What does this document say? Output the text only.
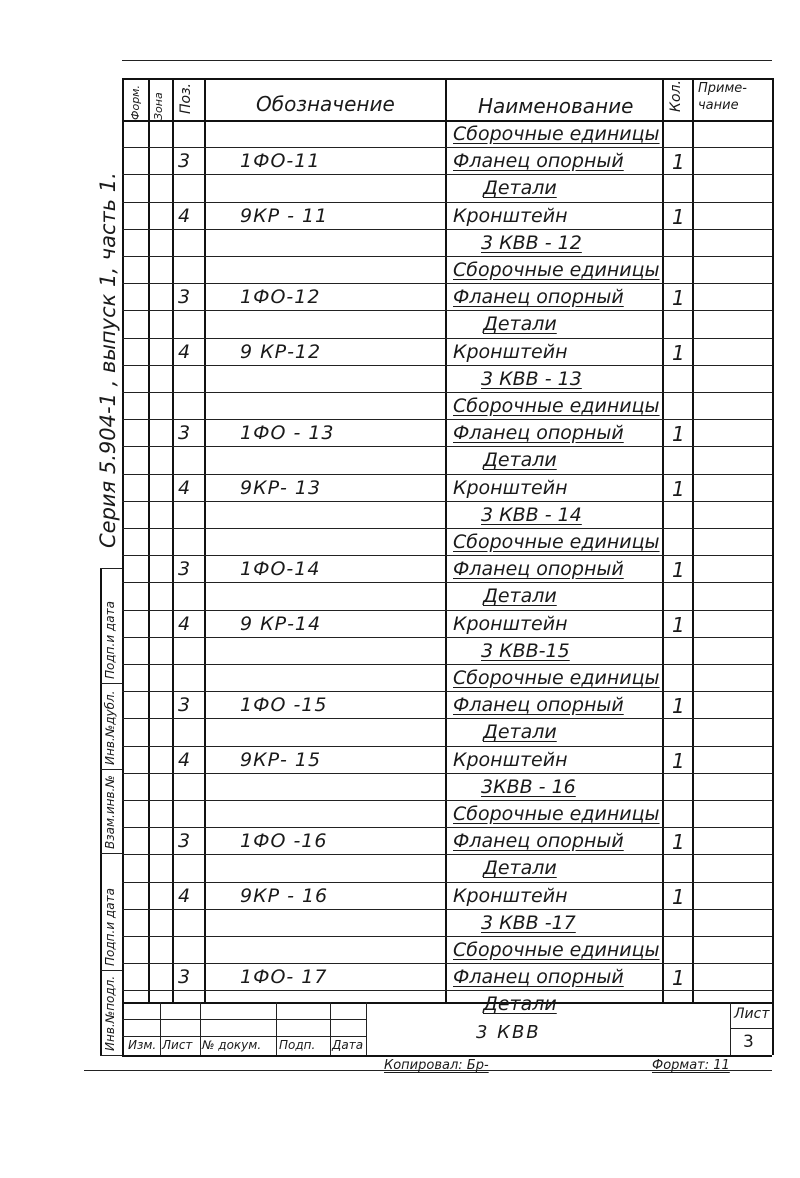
Серия 5.904-1 , выпуск 1, часть 1.
Подп.и дата
Инв.№дубл.
Взам.инв.№
Подп.и дата
Инв.№подл.
Форм. Зона Поз.	Обозначение	Наименование Кол. Приме-
чание
Сборочные единицы
3	1ФО-11	Фланец опорный 1
Детали
4	9КР - 11	Кронштейн	1
3 КВВ - 12
Сборочные единицы
3	1ФО-12	Фланец опорный 1
Детали
4	9 КР-12	Кронштейн	1
3 КВВ - 13
Сборочные единицы
3	1ФО - 13	Фланец опорный 1
Детали
4	9КР- 13	Кронштейн	1
3 КВВ - 14
Сборочные единицы
3	1ФО-14	Фланец опорный 1
Детали
4	9 КР-14	Кронштейн	1
3 КВВ-15
Сборочные единицы
3	1ФО -15	Фланец опорный 1
Детали
4	9КР- 15	Кронштейн	1
3КВВ - 16
Сборочные единицы
3	1ФО -16	Фланец опорный 1
Детали
4	9КР - 16	Кронштейн	1
3 КВВ -17
Сборочные единицы
3	1ФО- 17	Фланец опорный 1
Детали
3 КВВ
Лист
3
Изм. Лист № докум. Подп. Дата
Копировал: Бр-	Формат: 11
